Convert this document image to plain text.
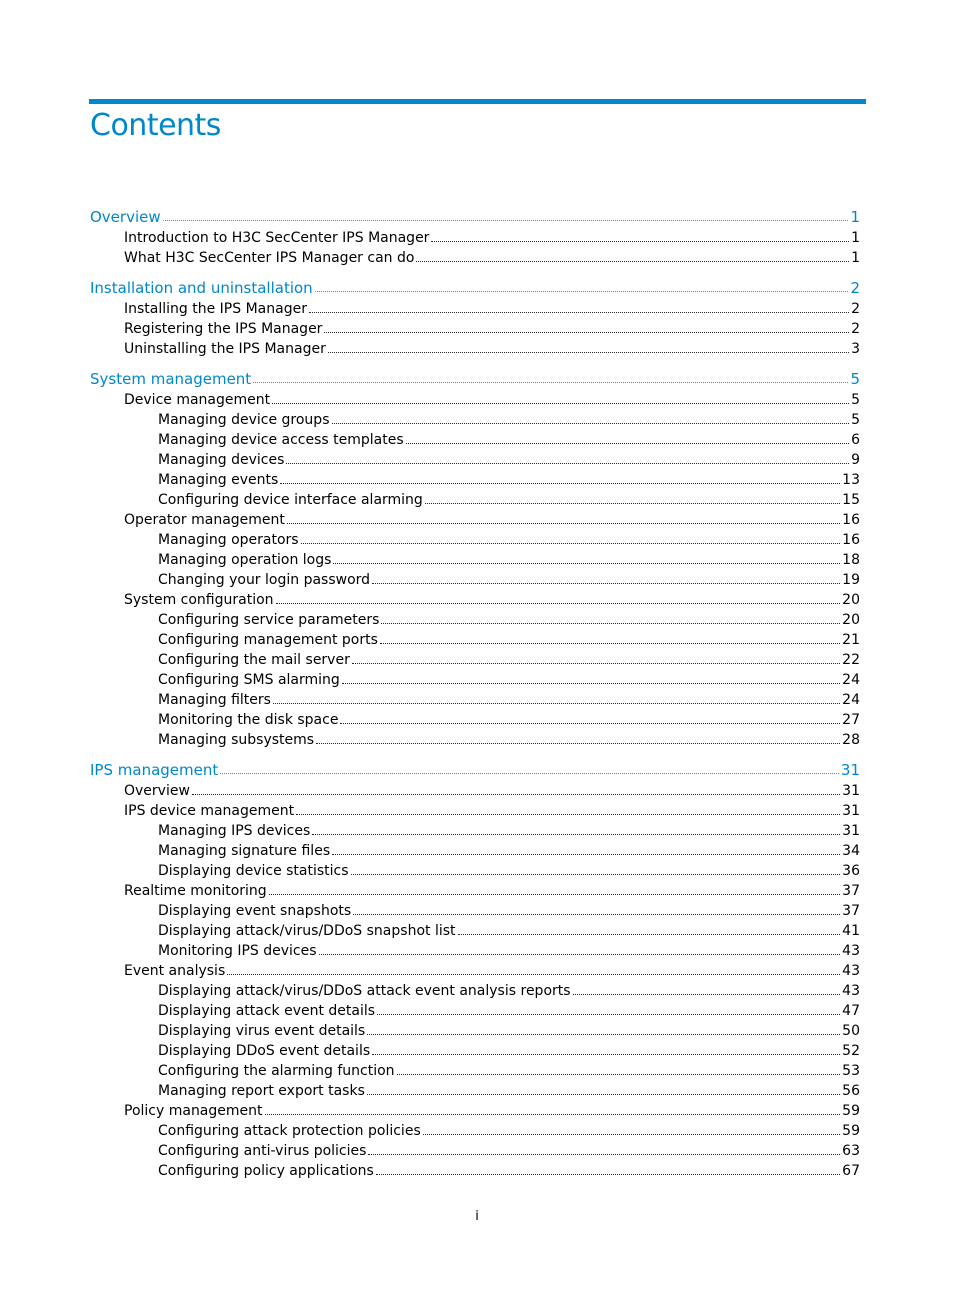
Contents
Overview	1
Introduction to H3C SecCenter IPS Manager	1
What H3C SecCenter IPS Manager can do	1
Installation and uninstallation	2
Installing the IPS Manager	2
Registering the IPS Manager	2
Uninstalling the IPS Manager	3
System management	5
Device management	5
Managing device groups	5
Managing device access templates	6
Managing devices	9
Managing events	13
Configuring device interface alarming	15
Operator management	16
Managing operators	16
Managing operation logs	18
Changing your login password	19
System configuration	20
Configuring service parameters	20
Configuring management ports	21
Configuring the mail server	22
Configuring SMS alarming	24
Managing filters	24
Monitoring the disk space	27
Managing subsystems	28
IPS management	31
Overview	31
IPS device management	31
Managing IPS devices	31
Managing signature files	34
Displaying device statistics	36
Realtime monitoring	37
Displaying event snapshots	37
Displaying attack/virus/DDoS snapshot list	41
Monitoring IPS devices	43
Event analysis	43
Displaying attack/virus/DDoS attack event analysis reports	43
Displaying attack event details	47
Displaying virus event details	50
Displaying DDoS event details	52
Configuring the alarming function	53
Managing report export tasks	56
Policy management	59
Configuring attack protection policies	59
Configuring anti-virus policies	63
Configuring policy applications	67
i
